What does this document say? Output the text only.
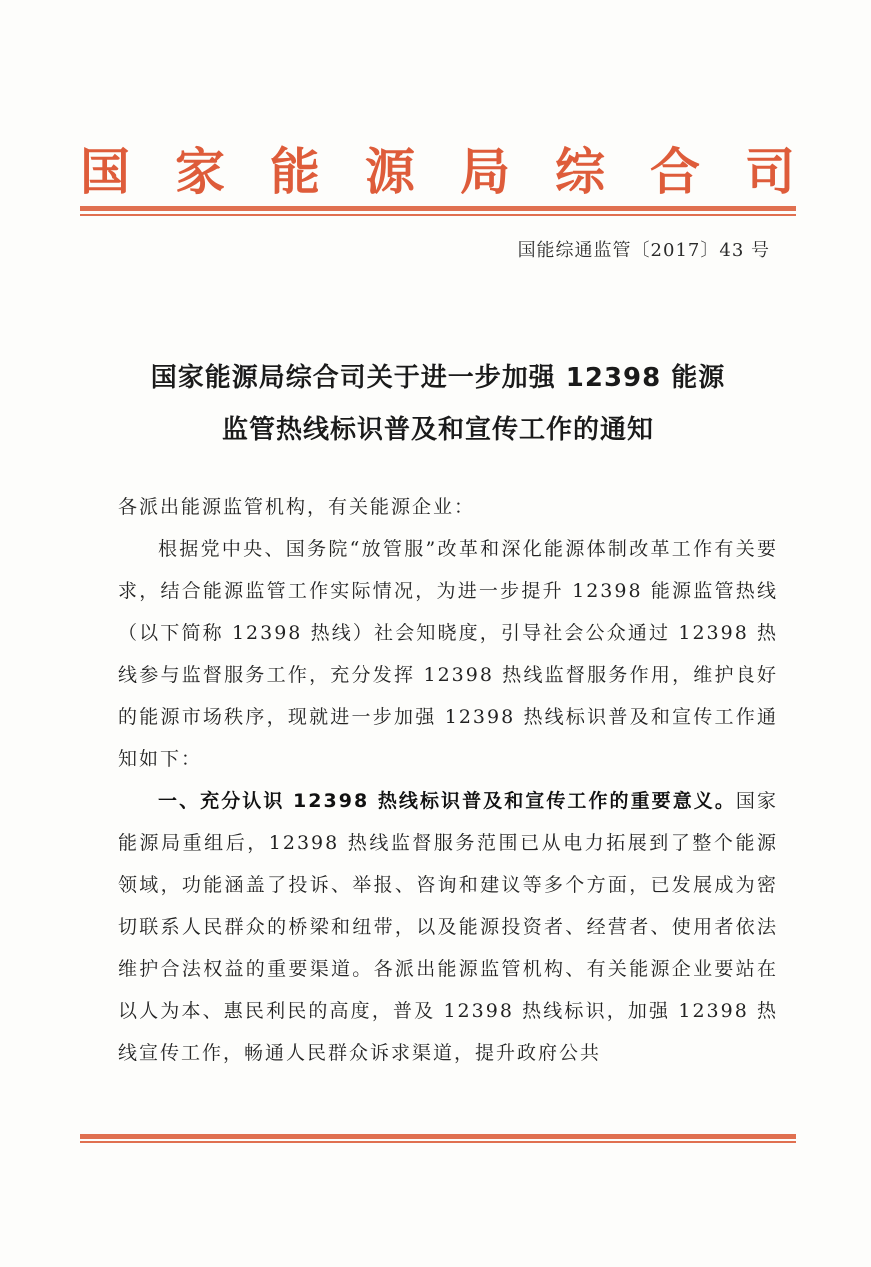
国 家 能 源 局 综 合 司
国能综通监管〔2017〕43 号
国家能源局综合司关于进一步加强 12398 能源
监管热线标识普及和宣传工作的通知
各派出能源监管机构，有关能源企业：
根据党中央、国务院“放管服”改革和深化能源体制改革工作有关要求，结合能源监管工作实际情况，为进一步提升 12398 能源监管热线（以下简称 12398 热线）社会知晓度，引导社会公众通过 12398 热线参与监督服务工作，充分发挥 12398 热线监督服务作用，维护良好的能源市场秩序，现就进一步加强 12398 热线标识普及和宣传工作通知如下：
一、充分认识 12398 热线标识普及和宣传工作的重要意义。国家能源局重组后，12398 热线监督服务范围已从电力拓展到了整个能源领域，功能涵盖了投诉、举报、咨询和建议等多个方面，已发展成为密切联系人民群众的桥梁和纽带，以及能源投资者、经营者、使用者依法维护合法权益的重要渠道。各派出能源监管机构、有关能源企业要站在以人为本、惠民利民的高度，普及 12398 热线标识，加强 12398 热线宣传工作，畅通人民群众诉求渠道，提升政府公共
